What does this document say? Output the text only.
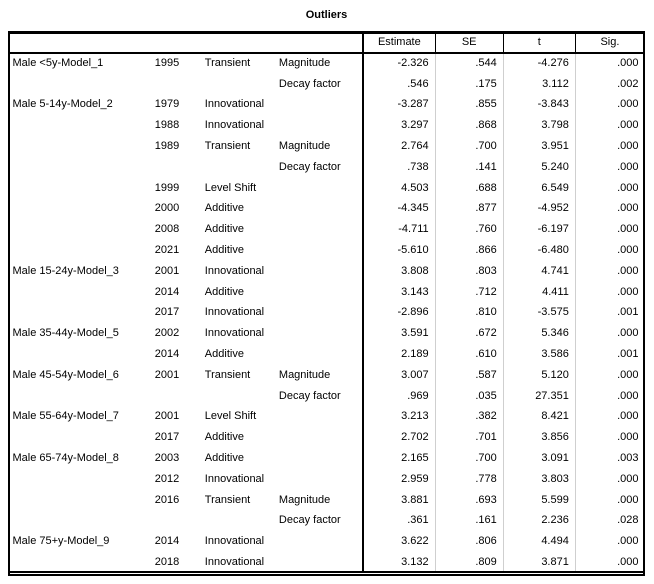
Outliers
				Estimate	SE	t	Sig.
Male <5y-Model_1	1995	Transient	Magnitude	-2.326	.544	-4.276	.000
			Decay factor	.546	.175	3.112	.002
Male 5-14y-Model_2	1979	Innovational		-3.287	.855	-3.843	.000
	1988	Innovational		3.297	.868	3.798	.000
	1989	Transient	Magnitude	2.764	.700	3.951	.000
			Decay factor	.738	.141	5.240	.000
	1999	Level Shift		4.503	.688	6.549	.000
	2000	Additive		-4.345	.877	-4.952	.000
	2008	Additive		-4.711	.760	-6.197	.000
	2021	Additive		-5.610	.866	-6.480	.000
Male 15-24y-Model_3	2001	Innovational		3.808	.803	4.741	.000
	2014	Additive		3.143	.712	4.411	.000
	2017	Innovational		-2.896	.810	-3.575	.001
Male 35-44y-Model_5	2002	Innovational		3.591	.672	5.346	.000
	2014	Additive		2.189	.610	3.586	.001
Male 45-54y-Model_6	2001	Transient	Magnitude	3.007	.587	5.120	.000
			Decay factor	.969	.035	27.351	.000
Male 55-64y-Model_7	2001	Level Shift		3.213	.382	8.421	.000
	2017	Additive		2.702	.701	3.856	.000
Male 65-74y-Model_8	2003	Additive		2.165	.700	3.091	.003
	2012	Innovational		2.959	.778	3.803	.000
	2016	Transient	Magnitude	3.881	.693	5.599	.000
			Decay factor	.361	.161	2.236	.028
Male 75+y-Model_9	2014	Innovational		3.622	.806	4.494	.000
	2018	Innovational		3.132	.809	3.871	.000
